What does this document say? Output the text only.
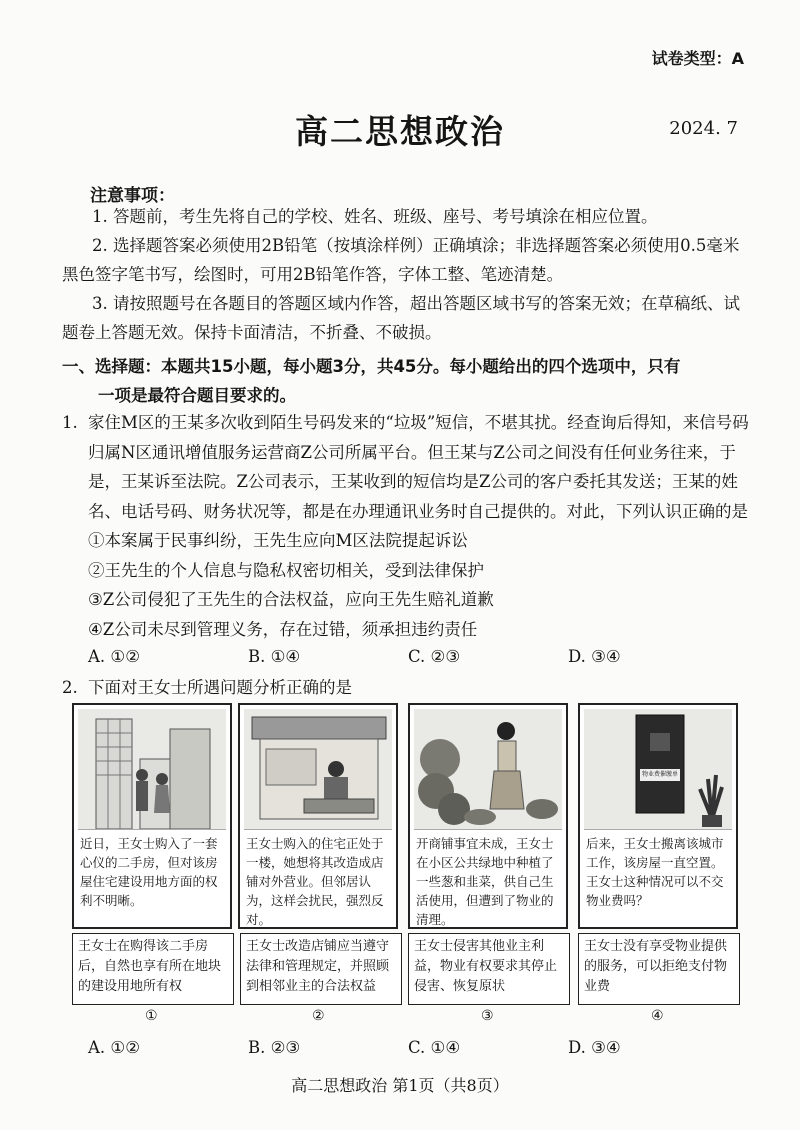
试卷类型：A
高二思想政治	2024. 7
注意事项：
1. 答题前，考生先将自己的学校、姓名、班级、座号、考号填涂在相应位置。
2. 选择题答案必须使用2B铅笔（按填涂样例）正确填涂；非选择题答案必须使用0.5毫米黑色签字笔书写，绘图时，可用2B铅笔作答，字体工整、笔迹清楚。
3. 请按照题号在各题目的答题区域内作答，超出答题区域书写的答案无效；在草稿纸、试题卷上答题无效。保持卡面清洁，不折叠、不破损。
一、选择题：本题共15小题，每小题3分，共45分。每小题给出的四个选项中，只有
一项是最符合题目要求的。
1. 家住M区的王某多次收到陌生号码发来的“垃圾”短信，不堪其扰。经查询后得知，来信号码归属N区通讯增值服务运营商Z公司所属平台。但王某与Z公司之间没有任何业务往来，于是，王某诉至法院。Z公司表示，王某收到的短信均是Z公司的客户委托其发送；王某的姓名、电话号码、财务状况等，都是在办理通讯业务时自己提供的。对此，下列认识正确的是
①本案属于民事纠纷，王先生应向M区法院提起诉讼
②王先生的个人信息与隐私权密切相关，受到法律保护
③Z公司侵犯了王先生的合法权益，应向王先生赔礼道歉
④Z公司未尽到管理义务，存在过错，须承担违约责任
A. ①②	B. ①④	C. ②③	D. ③④
2. 下面对王女士所遇问题分析正确的是
近日，王女士购入了一套心仪的二手房，但对该房屋住宅建设用地方面的权利不明晰。
王女士购入的住宅正处于一楼，她想将其改造成店铺对外营业。但邻居认为，这样会扰民，强烈反对。
开商铺事宜未成，王女士在小区公共绿地中种植了一些葱和韭菜，供自己生活使用，但遭到了物业的清理。
物业费催缴单
后来，王女士搬离该城市工作，该房屋一直空置。王女士这种情况可以不交物业费吗？
王女士在购得该二手房后，自然也享有所在地块的建设用地所有权
王女士改造店铺应当遵守法律和管理规定，并照顾到相邻业主的合法权益
王女士侵害其他业主利益，物业有权要求其停止侵害、恢复原状
王女士没有享受物业提供的服务，可以拒绝支付物业费
①	②	③	④
A. ①②	B. ②③	C. ①④	D. ③④
高二思想政治 第1页（共8页）
